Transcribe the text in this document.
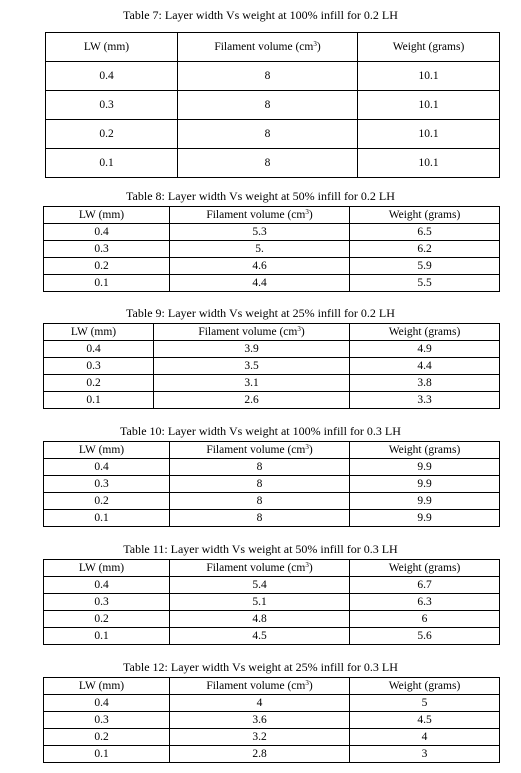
Table 7: Layer width Vs weight at 100% infill for 0.2 LH
LW (mm)	Filament volume $(cm^3)$	Weight (grams)
0.4	8	10.1
0.3	8	10.1
0.2	8	10.1
0.1	8	10.1
Table 8: Layer width Vs weight at 50% infill for 0.2 LH
LW (mm)	Filament volume $(cm^3)$	Weight (grams)
0.4	5.3	6.5
0.3	5.	6.2
0.2	4.6	5.9
0.1	4.4	5.5
Table 9: Layer width Vs weight at 25% infill for 0.2 LH
LW (mm)	Filament volume $(cm^3)$	Weight (grams)
0.4	3.9	4.9
0.3	3.5	4.4
0.2	3.1	3.8
0.1	2.6	3.3
Table 10: Layer width Vs weight at 100% infill for 0.3 LH
LW (mm)	Filament volume $(cm^3)$	Weight (grams)
0.4	8	9.9
0.3	8	9.9
0.2	8	9.9
0.1	8	9.9
Table 11: Layer width Vs weight at 50% infill for 0.3 LH
LW (mm)	Filament volume $(cm^3)$	Weight (grams)
0.4	5.4	6.7
0.3	5.1	6.3
0.2	4.8	6
0.1	4.5	5.6
Table 12: Layer width Vs weight at 25% infill for 0.3 LH
LW (mm)	Filament volume $(cm^3)$	Weight (grams)
0.4	4	5
0.3	3.6	4.5
0.2	3.2	4
0.1	2.8	3
